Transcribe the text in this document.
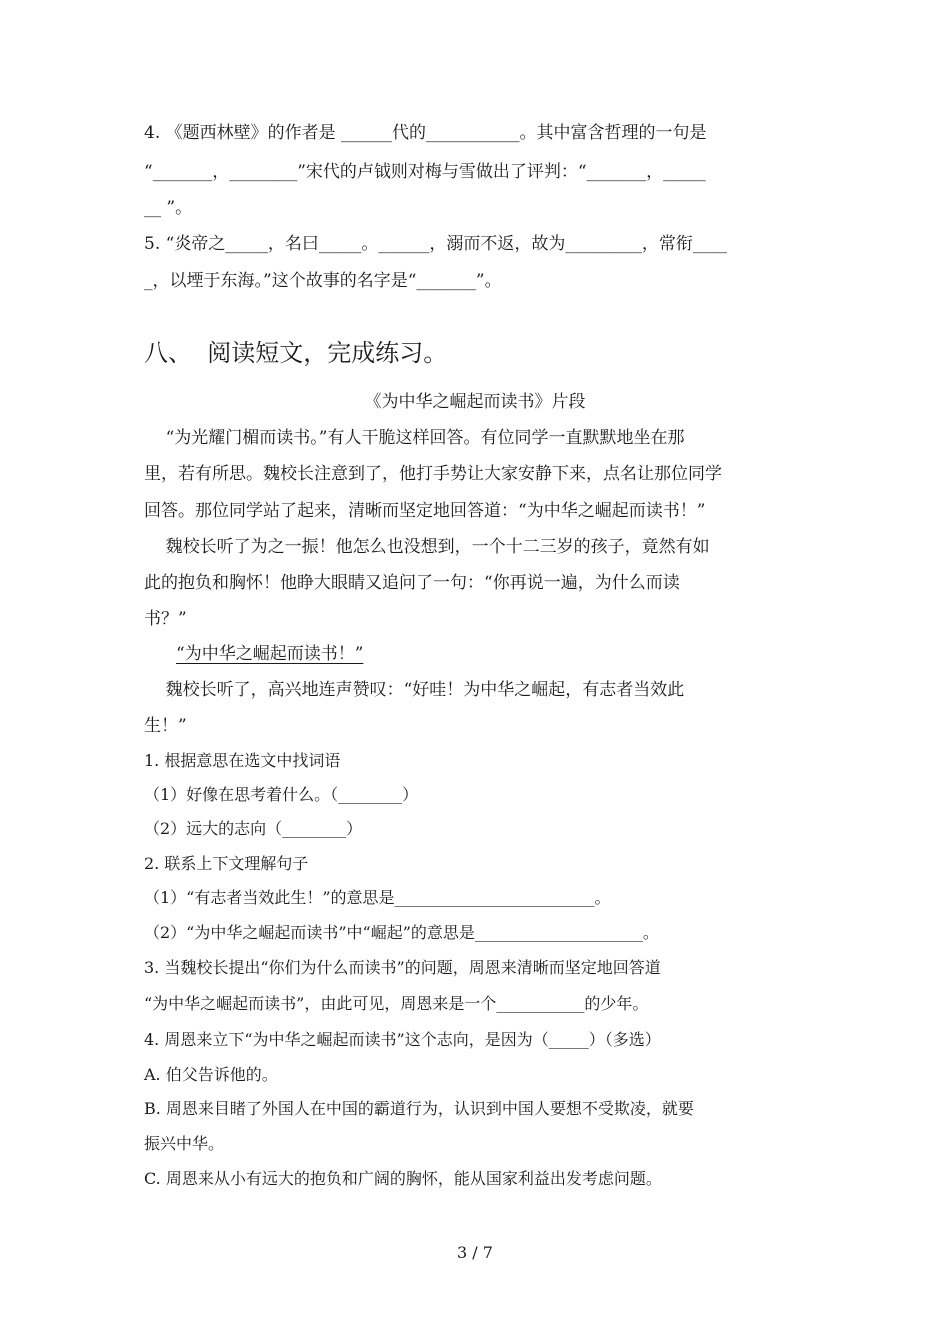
4. 《题西林壁》的作者是 ______代的___________。其中富含哲理的一句是
“_______，________”宋代的卢钺则对梅与雪做出了评判：“_______，_____
__ ”。
5. “炎帝之_____，名曰_____。______，溺而不返，故为_________，常衔____
_，以堙于东海。”这个故事的名字是“_______”。
八、  阅读短文，完成练习。
《为中华之崛起而读书》片段
“为光耀门楣而读书。”有人干脆这样回答。有位同学一直默默地坐在那
里，若有所思。魏校长注意到了，他打手势让大家安静下来，点名让那位同学
回答。那位同学站了起来，清晰而坚定地回答道：“为中华之崛起而读书！”
魏校长听了为之一振！他怎么也没想到，一个十二三岁的孩子，竟然有如
此的抱负和胸怀！他睁大眼睛又追问了一句：“你再说一遍，为什么而读
书？”
“为中华之崛起而读书！”
魏校长听了，高兴地连声赞叹：“好哇！为中华之崛起，有志者当效此
生！”
1. 根据意思在选文中找词语
（1）好像在思考着什么。（________）
（2）远大的志向（________）
2. 联系上下文理解句子
（1）“有志者当效此生！”的意思是_________________________。
（2）“为中华之崛起而读书”中“崛起”的意思是_____________________。
3. 当魏校长提出“你们为什么而读书”的问题，周恩来清晰而坚定地回答道
“为中华之崛起而读书”，由此可见，周恩来是一个___________的少年。
4. 周恩来立下“为中华之崛起而读书”这个志向，是因为（_____）（多选）
A. 伯父告诉他的。
B. 周恩来目睹了外国人在中国的霸道行为，认识到中国人要想不受欺凌，就要
振兴中华。
C. 周恩来从小有远大的抱负和广阔的胸怀，能从国家利益出发考虑问题。
3 / 7
